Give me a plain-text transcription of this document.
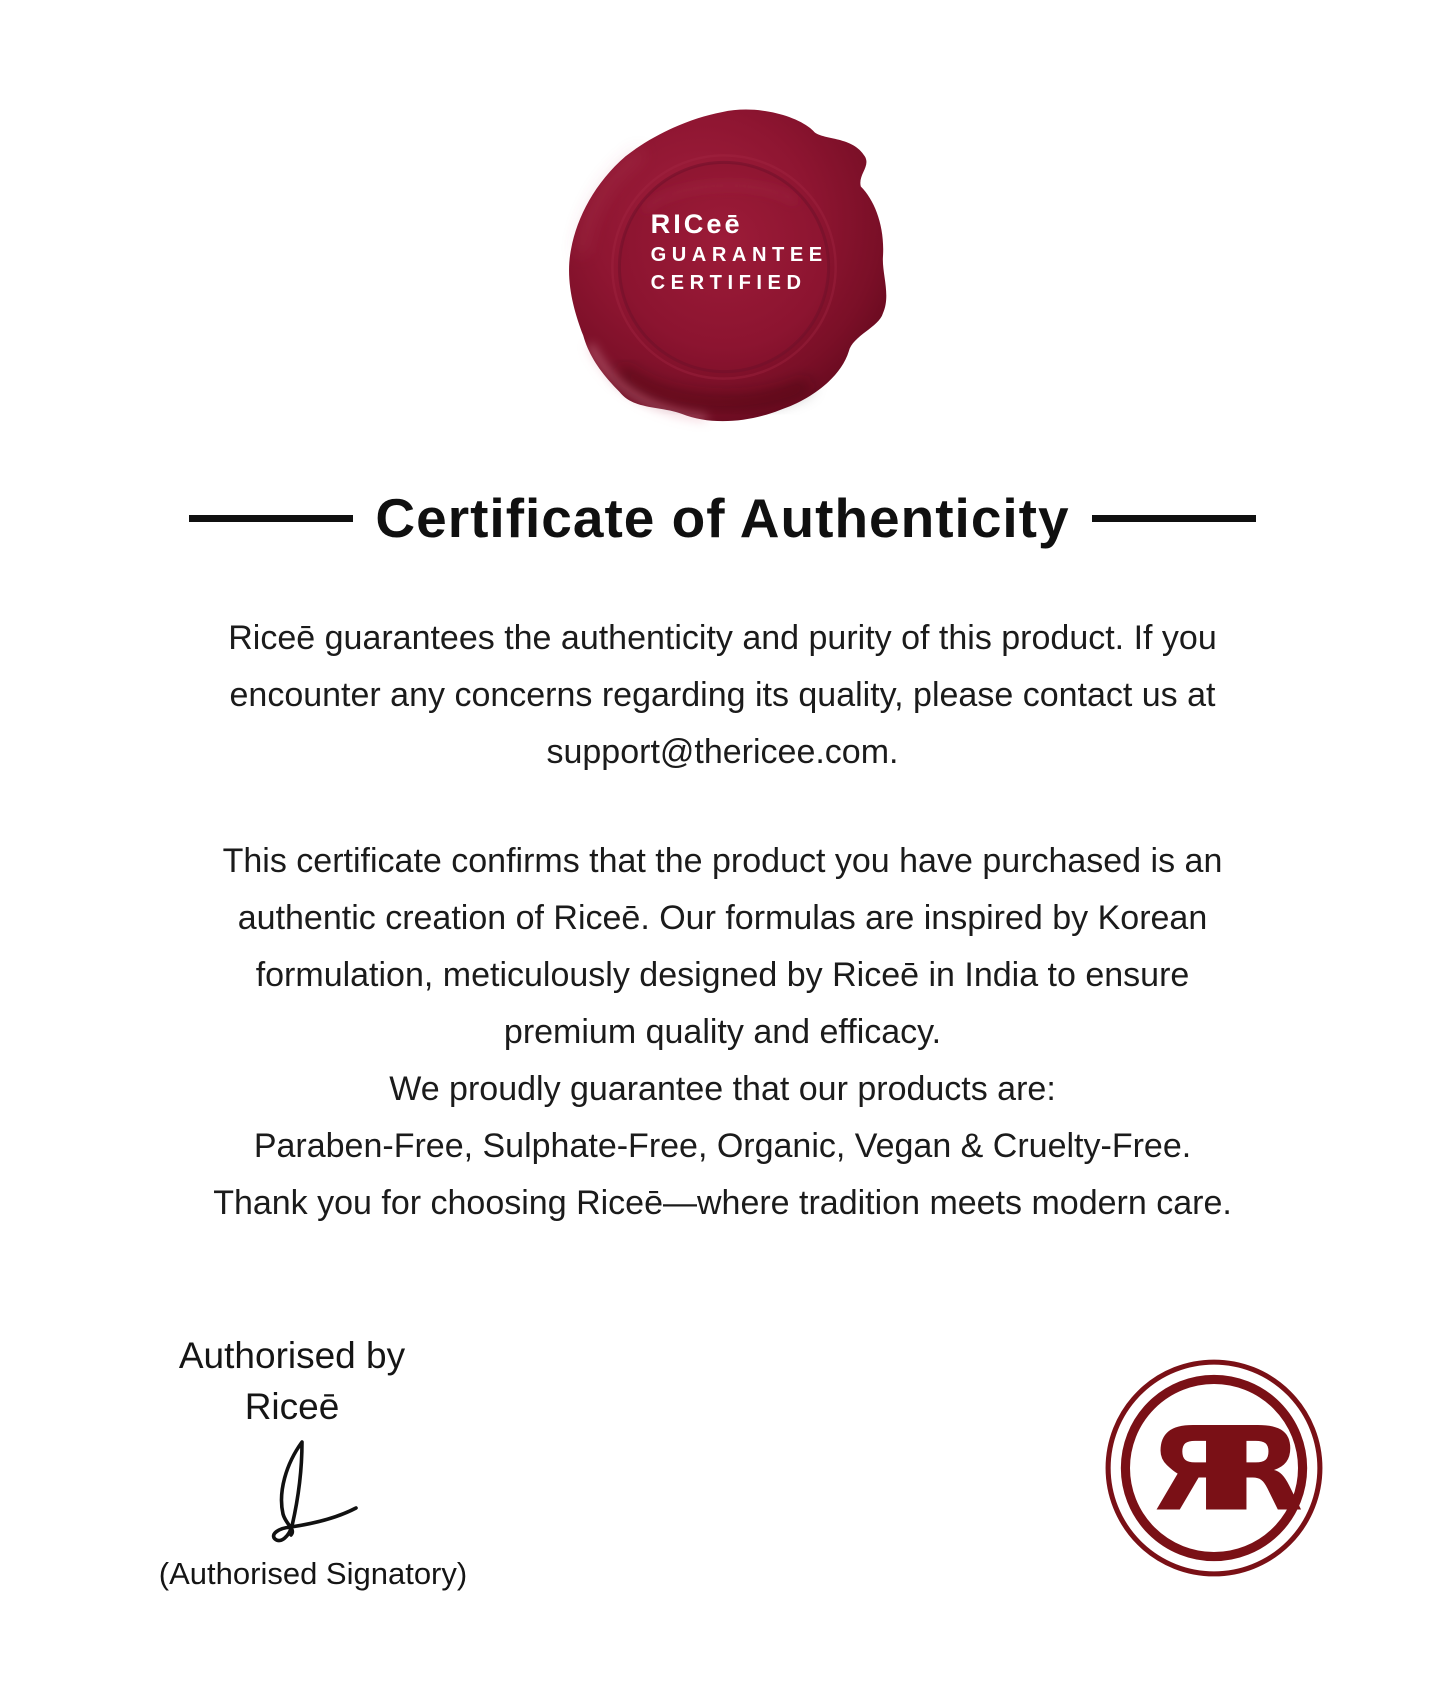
RICeē
GUARANTEE
CERTIFIED
Certificate of Authenticity
Riceē guarantees the authenticity and purity of this product. If you
encounter any concerns regarding its quality, please contact us at
support@thericee.com.
This certificate confirms that the product you have purchased is an
authentic creation of Riceē. Our formulas are inspired by Korean
formulation, meticulously designed by Riceē in India to ensure
premium quality and efficacy.
We proudly guarantee that our products are:
Paraben-Free, Sulphate-Free, Organic, Vegan & Cruelty-Free.
Thank you for choosing Riceē—where tradition meets modern care.
Authorised by
Riceē
(Authorised Signatory)
ЯR
